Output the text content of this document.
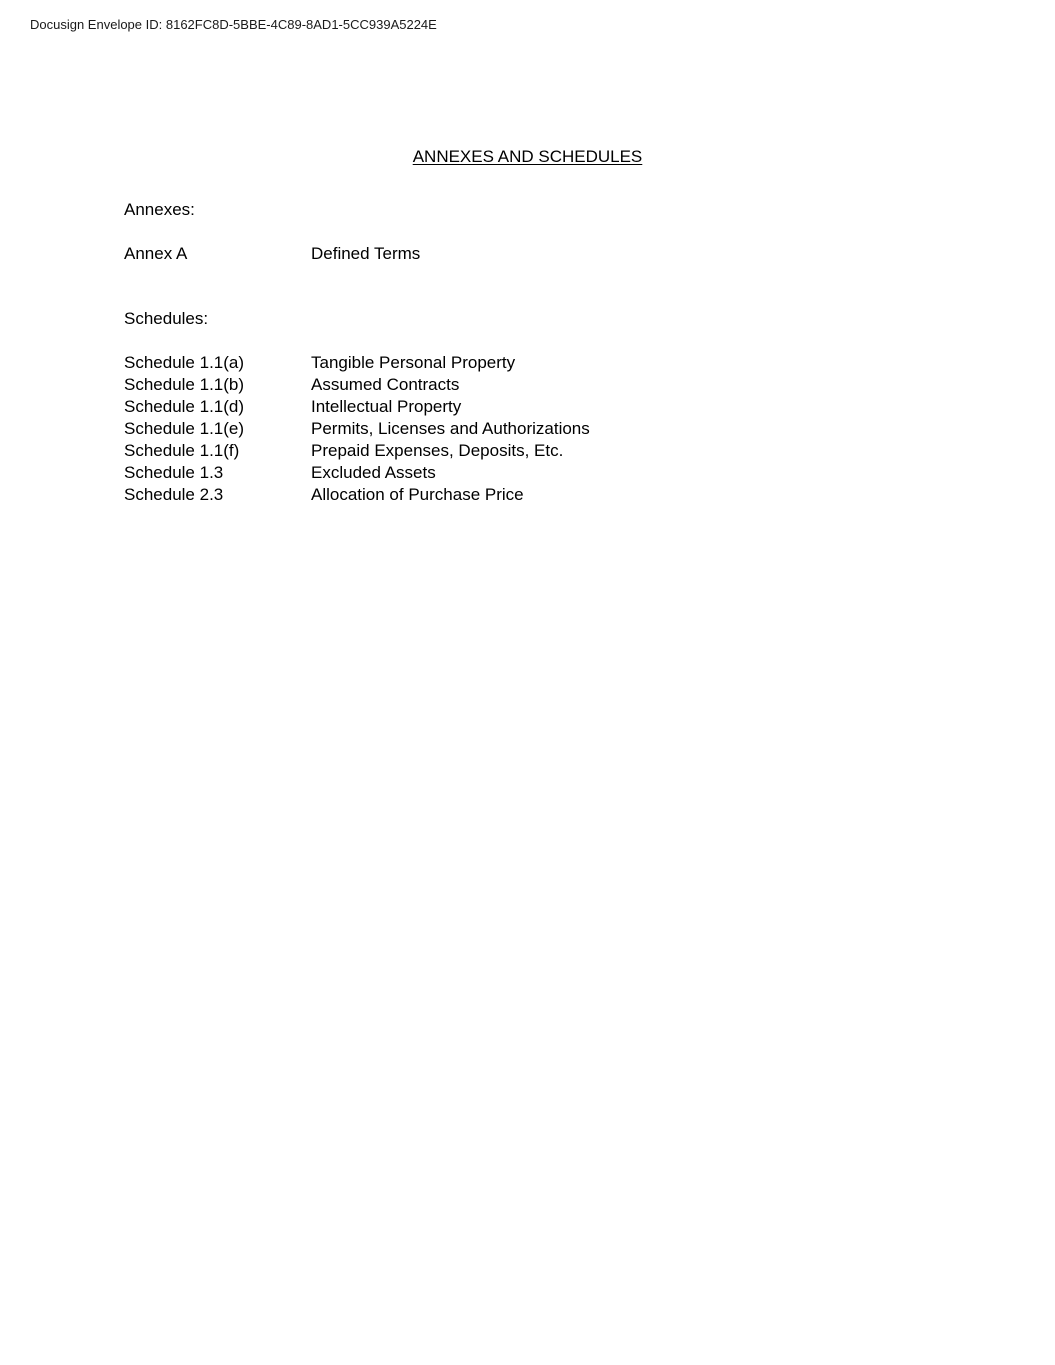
Docusign Envelope ID: 8162FC8D-5BBE-4C89-8AD1-5CC939A5224E
ANNEXES AND SCHEDULES
Annexes:
Annex A	Defined Terms
Schedules:
Schedule 1.1(a)	Tangible Personal Property
Schedule 1.1(b)	Assumed Contracts
Schedule 1.1(d)	Intellectual Property
Schedule 1.1(e)	Permits, Licenses and Authorizations
Schedule 1.1(f)	Prepaid Expenses, Deposits, Etc.
Schedule 1.3	Excluded Assets
Schedule 2.3	Allocation of Purchase Price
